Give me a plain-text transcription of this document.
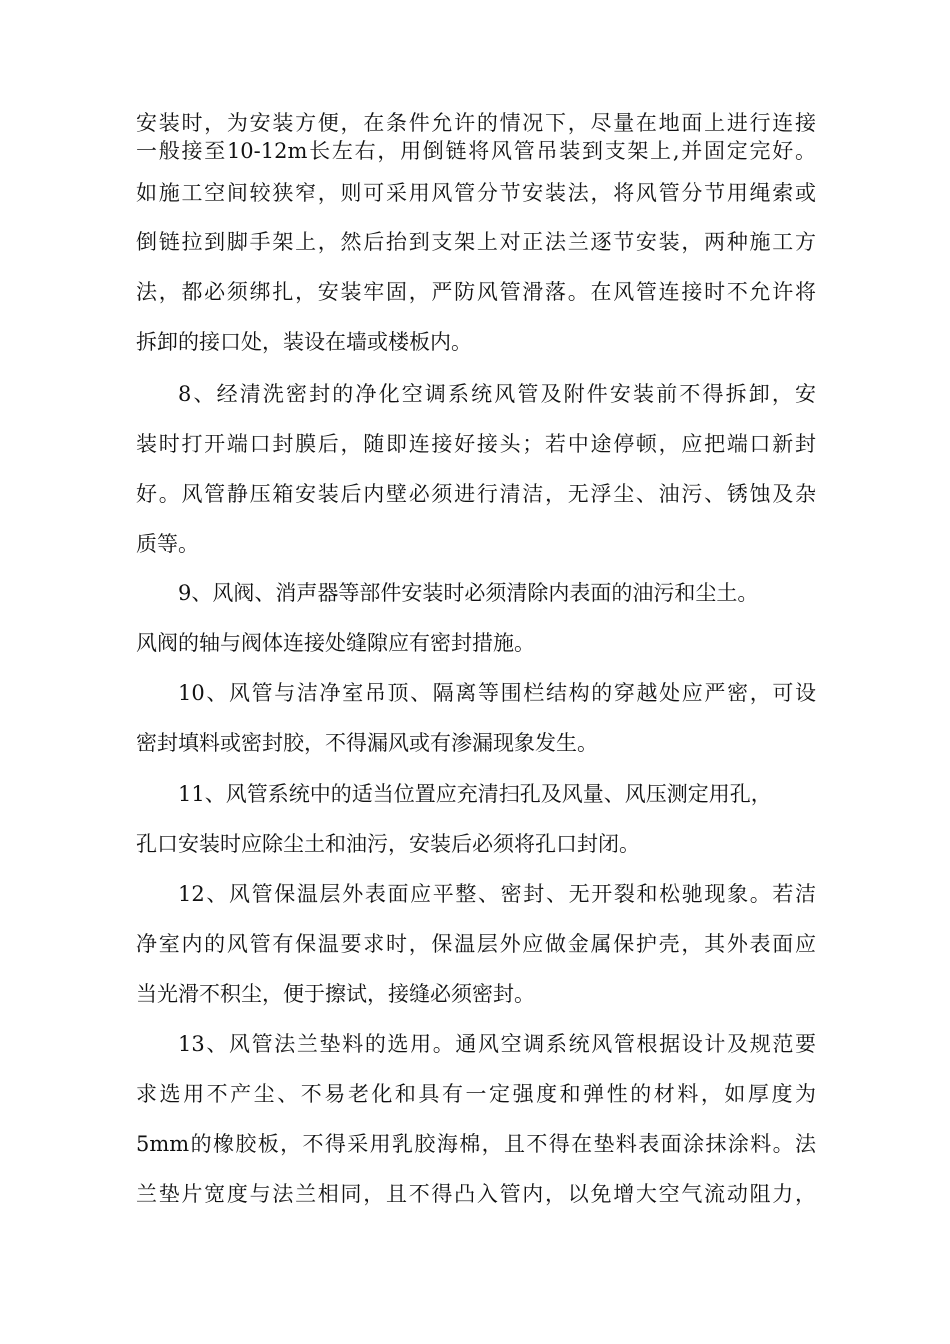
安装时，为安装方便，在条件允许的情况下，尽量在地面上进行连接
一般接至10-12m长左右，用倒链将风管吊装到支架上,并固定完好。
如施工空间较狭窄，则可采用风管分节安装法，将风管分节用绳索或
倒链拉到脚手架上，然后抬到支架上对正法兰逐节安装，两种施工方
法，都必须绑扎，安装牢固，严防风管滑落。在风管连接时不允许将
拆卸的接口处，装设在墙或楼板内。
8、经清洗密封的净化空调系统风管及附件安装前不得拆卸，安
装时打开端口封膜后，随即连接好接头；若中途停顿，应把端口新封
好。风管静压箱安装后内壁必须进行清洁，无浮尘、油污、锈蚀及杂
质等。
9、风阀、消声器等部件安装时必须清除内表面的油污和尘土。
风阀的轴与阀体连接处缝隙应有密封措施。
10、风管与洁净室吊顶、隔离等围栏结构的穿越处应严密，可设
密封填料或密封胶，不得漏风或有渗漏现象发生。
11、风管系统中的适当位置应充清扫孔及风量、风压测定用孔，
孔口安装时应除尘土和油污，安装后必须将孔口封闭。
12、风管保温层外表面应平整、密封、无开裂和松驰现象。若洁
净室内的风管有保温要求时，保温层外应做金属保护壳，其外表面应
当光滑不积尘，便于擦试，接缝必须密封。
13、风管法兰垫料的选用。通风空调系统风管根据设计及规范要
求选用不产尘、不易老化和具有一定强度和弹性的材料，如厚度为
5mm的橡胶板，不得采用乳胶海棉，且不得在垫料表面涂抹涂料。法
兰垫片宽度与法兰相同，且不得凸入管内，以免增大空气流动阻力，
